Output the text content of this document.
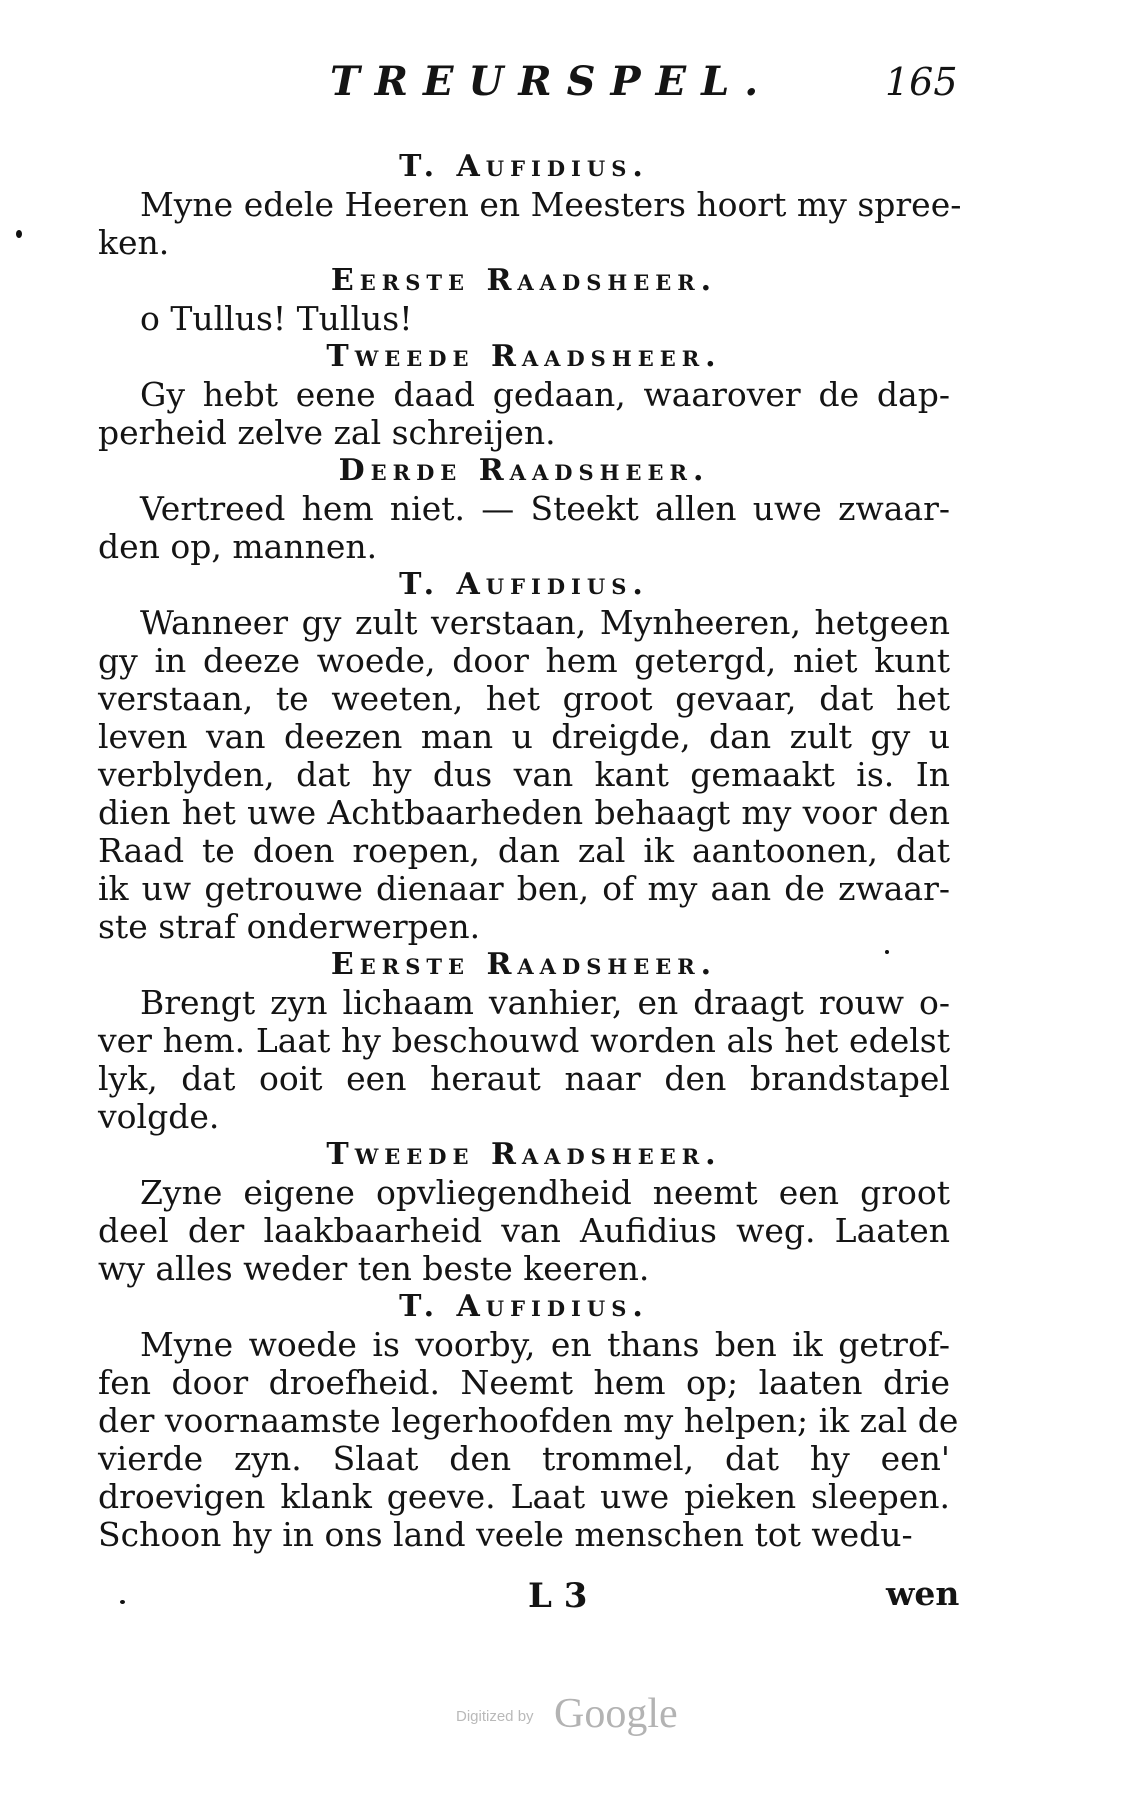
TREURSPEL.	165

T. Aufidius.

Myne edele Heeren en Meesters hoort my spree-
ken.

Eerste Raadsheer.

o Tullus! Tullus!

Tweede Raadsheer.

Gy hebt eene daad gedaan, waarover de dap-
perheid zelve zal schreijen.

Derde Raadsheer.

Vertreed hem niet. — Steekt allen uwe zwaar-
den op, mannen.

T. Aufidius.

Wanneer gy zult verstaan, Mynheeren, hetgeen
gy in deeze woede, door hem getergd, niet kunt
verstaan, te weeten, het groot gevaar, dat het
leven van deezen man u dreigde, dan zult gy u
verblyden, dat hy dus van kant gemaakt is. In
dien het uwe Achtbaarheden behaagt my voor den
Raad te doen roepen, dan zal ik aantoonen, dat
ik uw getrouwe dienaar ben, of my aan de zwaar-
ste straf onderwerpen.

Eerste Raadsheer.

Brengt zyn lichaam vanhier, en draagt rouw o-
ver hem. Laat hy beschouwd worden als het edelst
lyk, dat ooit een heraut naar den brandstapel
volgde.

Tweede Raadsheer.

Zyne eigene opvliegendheid neemt een groot
deel der laakbaarheid van Aufidius weg. Laaten
wy alles weder ten beste keeren.

T. Aufidius.

Myne woede is voorby, en thans ben ik getrof-
fen door droefheid. Neemt hem op; laaten drie
der voornaamste legerhoofden my helpen; ik zal de
vierde zyn. Slaat den trommel, dat hy een'
droevigen klank geeve. Laat uwe pieken sleepen.
Schoon hy in ons land veele menschen tot wedu-

L 3	wen
Digitized by Google
